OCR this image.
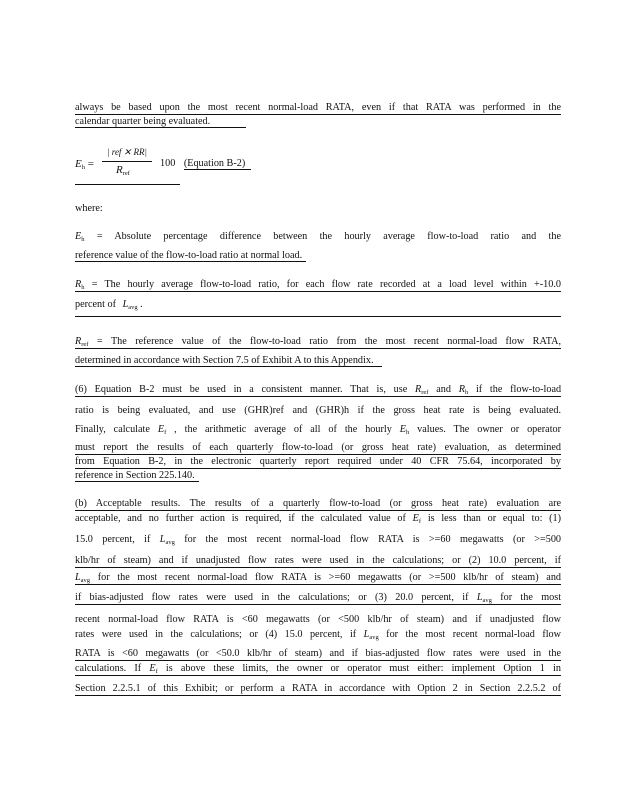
always be based upon the most recent normal-load RATA, even if that RATA was performed in the
calendar quarter being evaluated.
$E_h$ =
| ref ✕ RR|
$R_{ref}$
100 (Equation B-2)
where:
$E_h$ = Absolute percentage difference between the hourly average flow-to-load ratio and the
reference value of the flow-to-load ratio at normal load.
$R_h$ = The hourly average flow-to-load ratio, for each flow rate recorded at a load level within +-10.0
percent of $L_{avg}$ .
$R_{ref}$ = The reference value of the flow-to-load ratio from the most recent normal-load flow RATA,
determined in accordance with Section 7.5 of Exhibit A to this Appendix.
(6) Equation B-2 must be used in a consistent manner. That is, use $R_{ref}$ and $R_h$ if the flow-to-load
ratio is being evaluated, and use (GHR)ref and (GHR)h if the gross heat rate is being evaluated.
Finally, calculate $E_f$ , the arithmetic average of all of the hourly $E_h$ values. The owner or operator
must report the results of each quarterly flow-to-load (or gross heat rate) evaluation, as determined
from Equation B-2, in the electronic quarterly report required under 40 CFR 75.64, incorporated by
reference in Section 225.140.
(b) Acceptable results. The results of a quarterly flow-to-load (or gross heat rate) evaluation are
acceptable, and no further action is required, if the calculated value of $E_f$ is less than or equal to: (1)
15.0 percent, if $L_{avg}$ for the most recent normal-load flow RATA is >=60 megawatts (or >=500
klb/hr of steam) and if unadjusted flow rates were used in the calculations; or (2) 10.0 percent, if
$L_{avg}$ for the most recent normal-load flow RATA is >=60 megawatts (or >=500 klb/hr of steam) and
if bias-adjusted flow rates were used in the calculations; or (3) 20.0 percent, if $L_{avg}$ for the most
recent normal-load flow RATA is <60 megawatts (or <500 klb/hr of steam) and if unadjusted flow
rates were used in the calculations; or (4) 15.0 percent, if $L_{avg}$ for the most recent normal-load flow
RATA is <60 megawatts (or <50.0 klb/hr of steam) and if bias-adjusted flow rates were used in the
calculations. If $E_f$ is above these limits, the owner or operator must either: implement Option 1 in
Section 2.2.5.1 of this Exhibit; or perform a RATA in accordance with Option 2 in Section 2.2.5.2 of
